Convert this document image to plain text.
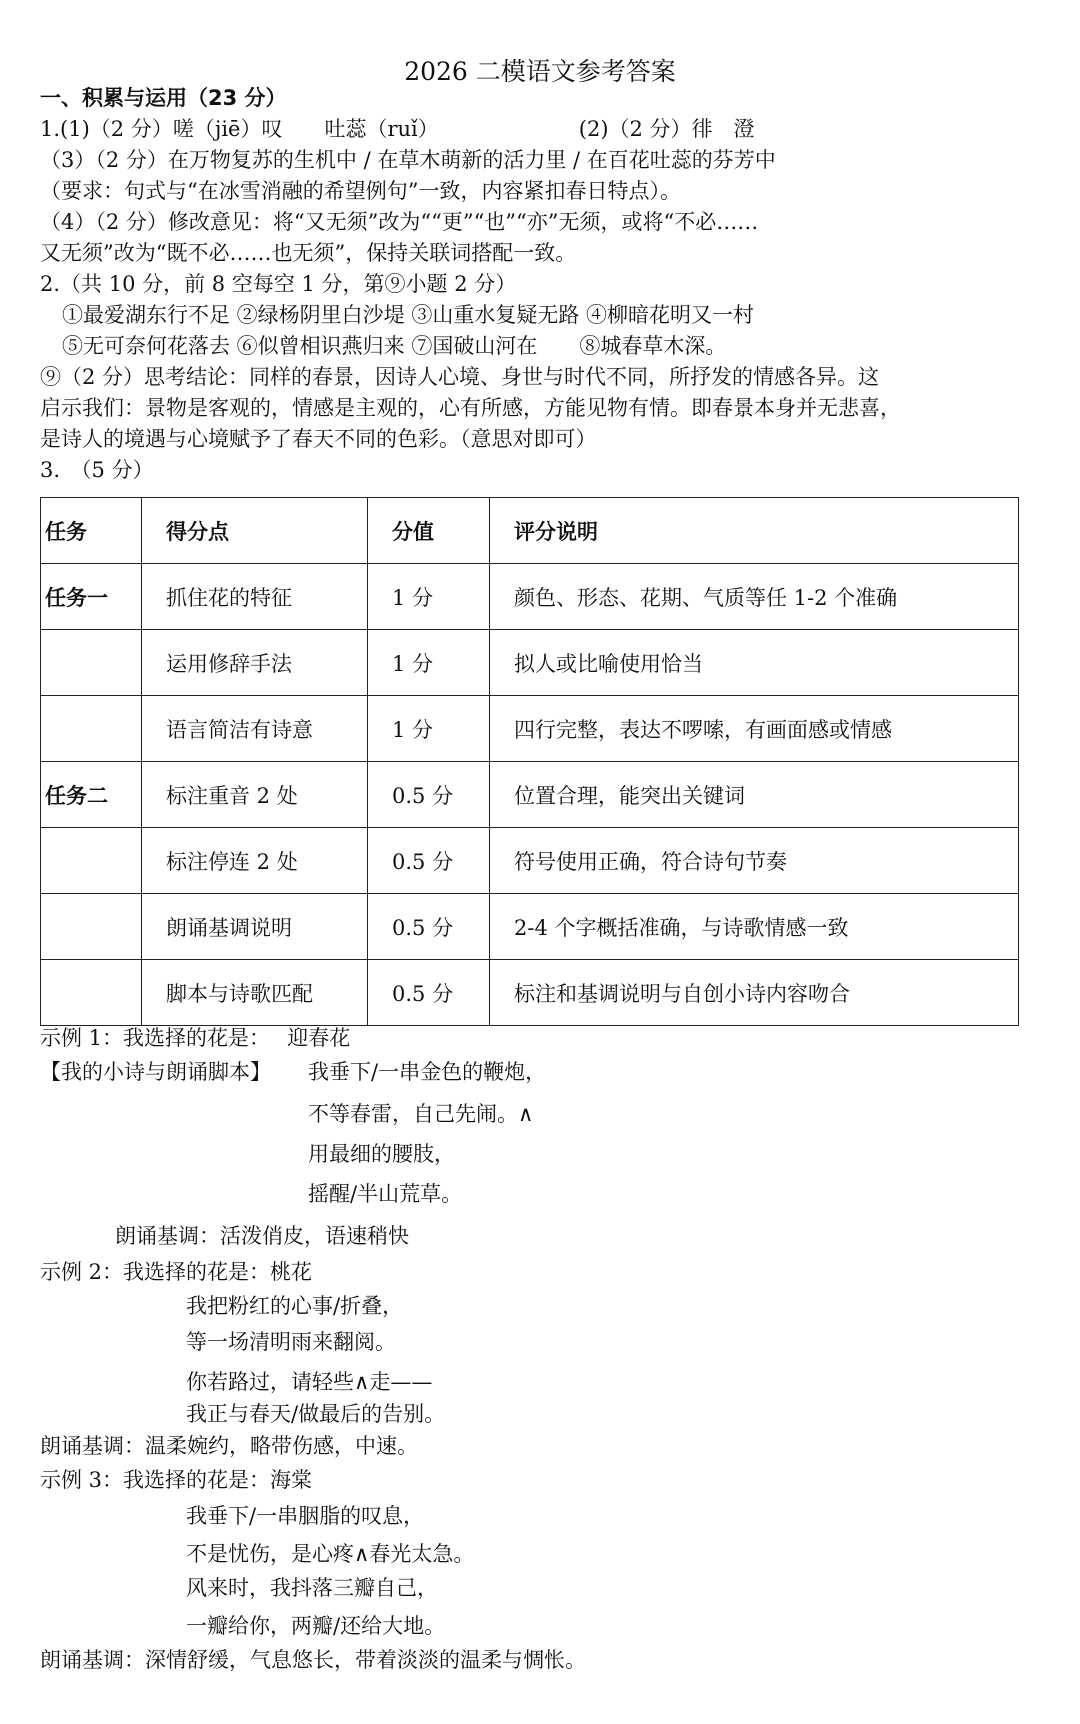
2026 二模语文参考答案
一、积累与运用（23 分）
1.(1)（2 分）嗟（jiē）叹　　吐蕊（ruǐ）	(2)（2 分）徘　澄
（3）（2 分）在万物复苏的生机中 / 在草木萌新的活力里 / 在百花吐蕊的芬芳中
（要求：句式与“在冰雪消融的希望例句”一致，内容紧扣春日特点）。
（4）（2 分）修改意见：将“又无须”改为““更”“也”“亦”无须，或将“不必……
又无须”改为“既不必……也无须”，保持关联词搭配一致。
2.（共 10 分，前 8 空每空 1 分，第⑨小题 2 分）
①最爱湖东行不足 ②绿杨阴里白沙堤 ③山重水复疑无路 ④柳暗花明又一村
⑤无可奈何花落去 ⑥似曾相识燕归来 ⑦国破山河在　　⑧城春草木深。
⑨（2 分）思考结论：同样的春景，因诗人心境、身世与时代不同，所抒发的情感各异。这
启示我们：景物是客观的，情感是主观的，心有所感，方能见物有情。即春景本身并无悲喜，
是诗人的境遇与心境赋予了春天不同的色彩。（意思对即可）
3.　（5 分）
任务	得分点	分值	评分说明
任务一	抓住花的特征	1 分	颜色、形态、花期、气质等任 1-2 个准确
	运用修辞手法	1 分	拟人或比喻使用恰当
	语言简洁有诗意	1 分	四行完整，表达不啰嗦，有画面感或情感
任务二	标注重音 2 处	0.5 分	位置合理，能突出关键词
	标注停连 2 处	0.5 分	符号使用正确，符合诗句节奏
	朗诵基调说明	0.5 分	2-4 个字概括准确，与诗歌情感一致
	脚本与诗歌匹配	0.5 分	标注和基调说明与自创小诗内容吻合
示例 1：我选择的花是：　 迎春花
【我的小诗与朗诵脚本】 我垂下/一串金色的鞭炮，
不等春雷，自己先闹。∧
用最细的腰肢，
摇醒/半山荒草。
朗诵基调：活泼俏皮，语速稍快
示例 2：我选择的花是：桃花
我把粉红的心事/折叠，
等一场清明雨来翻阅。
你若路过，请轻些∧走——
我正与春天/做最后的告别。
朗诵基调：温柔婉约，略带伤感，中速。
示例 3：我选择的花是：海棠
我垂下/一串胭脂的叹息，
不是忧伤，是心疼∧春光太急。
风来时，我抖落三瓣自己，
一瓣给你，两瓣/还给大地。
朗诵基调：深情舒缓，气息悠长，带着淡淡的温柔与惆怅。
